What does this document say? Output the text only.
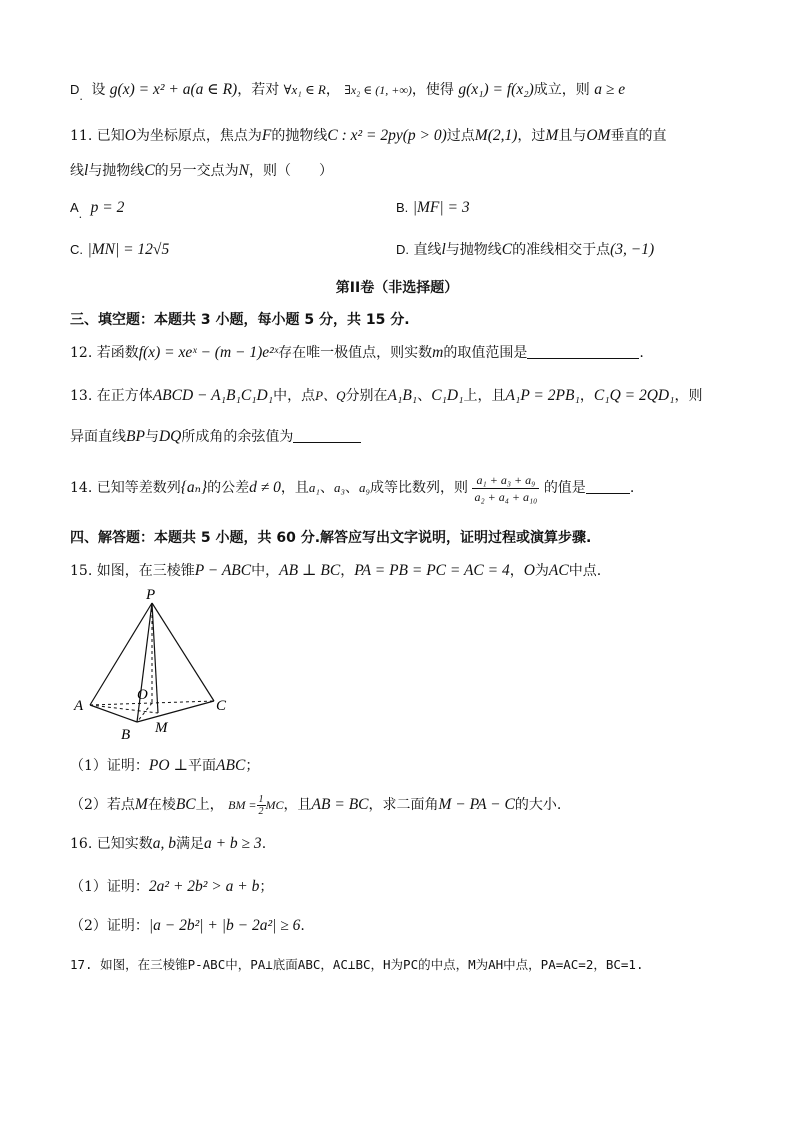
$D_.$ 设 g(x) = x² + a(a ∈ R)，若对 ∀x₁ ∈ R， ∃x₂ ∈ (1, +∞)，使得 g(x₁) = f(x₂)成立，则 a ≥ e
11. 已知O为坐标原点，焦点为F的抛物线C : x² = 2py(p > 0)过点M(2,1)，过M且与OM垂直的直
线l与抛物线C的另一交点为N，则（　　）
$A_.$ p = 2	B. |MF| = 3
C. |MN| = 12√5	D. 直线l与抛物线C的准线相交于点(3, −1)
第II卷（非选择题）
三、填空题：本题共 3 小题，每小题 5 分，共 15 分.
12. 若函数f(x) = xeˣ − (m − 1)e²ˣ存在唯一极值点，则实数m的取值范围是	.
13. 在正方体ABCD − A₁B₁C₁D₁中，点P、Q分别在A₁B₁、C₁D₁上，且A₁P = 2PB₁，C₁Q = 2QD₁，则
异面直线BP与DQ所成角的余弦值为
14. 已知等差数列{aₙ}的公差d ≠ 0，且a₁、a₃、a₉成等比数列，则 $\frac{\text{a₁ + a₃ + a₉}}{\text{a₂ + a₄ + a₁₀}}$ 的值是	.
四、解答题：本题共 5 小题，共 60 分.解答应写出文字说明，证明过程或演算步骤.
15. 如图，在三棱锥P − ABC中，AB ⊥ BC，PA = PB = PC = AC = 4，O为AC中点.
P
A
B
C
O
M
（1）证明：PO ⊥平面ABC；
（2）若点M在棱BC上， BM = $\frac{1}{2}$ MC，且AB = BC，求二面角M − PA − C的大小.
16. 已知实数a, b满足a + b ≥ 3.
（1）证明：2a² + 2b² > a + b；
（2）证明：|a − 2b²| + |b − 2a²| ≥ 6.
17. 如图，在三棱锥P-ABC中，PA⊥底面ABC，AC⊥BC，H为PC的中点，M为AH中点，PA=AC=2，BC=1.
